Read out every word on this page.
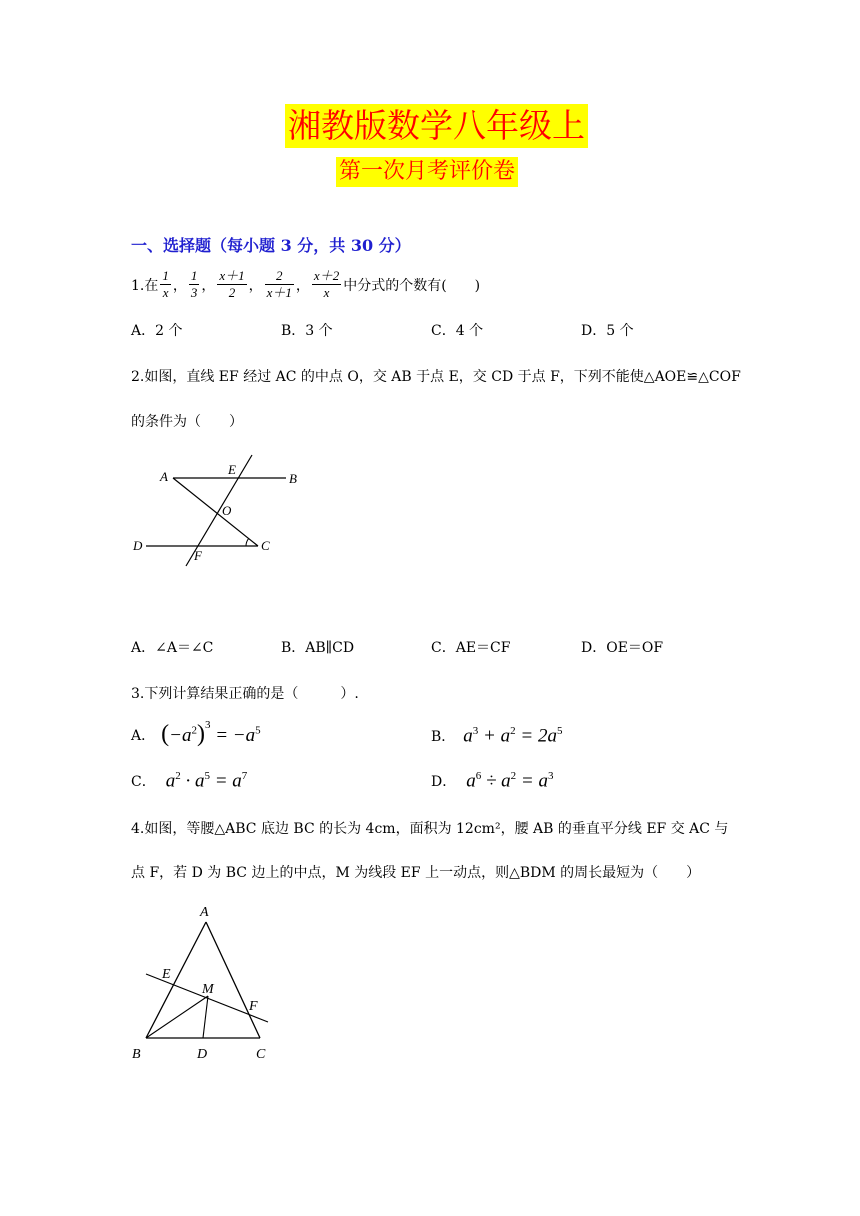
湘教版数学八年级上
第一次月考评价卷
一、选择题（每小题 3 分，共 30 分）
1.在 $\frac{1}{x}$ ， $\frac{1}{3}$ ， $\frac{x+1}{2}$ ， $\frac{2}{x+1}$ ， $\frac{x+2}{x}$ 中分式的个数有(　　)
A．2 个	B．3 个	C．4 个	D．5 个
2.如图，直线 EF 经过 AC 的中点 O，交 AB 于点 E，交 CD 于点 F，下列不能使△AOE≌△COF
的条件为（　　）
A	E
B
O
D
F
C
A．∠A＝∠C	B．AB∥CD	C．AE＝CF	D．OE＝OF
3.下列计算结果正确的是（　　　）.
A． $(-a^2)^3 = -a^5$	B． $a^3 + a^2 = 2a^5$
C． $a^2 \cdot a^5 = a^7$	D． $a^6 \div a^2 = a^3$
4.如图，等腰△ABC 底边 BC 的长为 4cm，面积为 12cm²，腰 AB 的垂直平分线 EF 交 AC 与
点 F，若 D 为 BC 边上的中点，M 为线段 EF 上一动点，则△BDM 的周长最短为（　　）
A
E
M
F
B	D	C
